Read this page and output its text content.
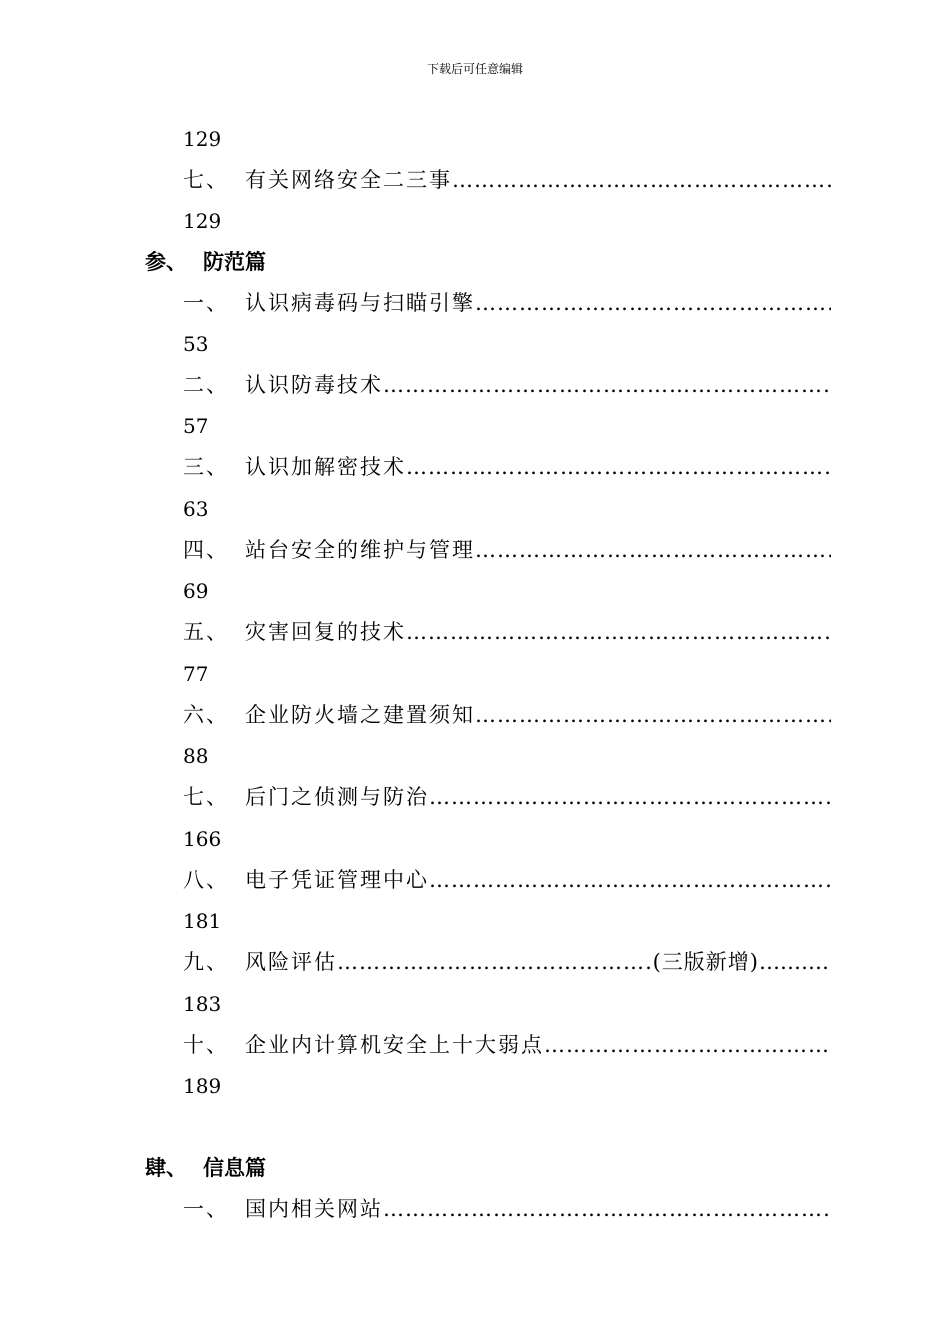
下载后可任意编辑
129
七、 有关网络安全二三事
……………………………………………………………………………………………………………………………
129
参、 防范篇
一、 认识病毒码与扫瞄引擎
……………………………………………………………………………………………………………………………
53
二、 认识防毒技术
……………………………………………………………………………………………………………………………
57
三、 认识加解密技术
……………………………………………………………………………………………………………………………
63
四、 站台安全的维护与管理
……………………………………………………………………………………………………………………………
69
五、 灾害回复的技术
……………………………………………………………………………………………………………………………
77
六、 企业防火墙之建置须知
……………………………………………………………………………………………………………………………
88
七、 后门之侦测与防治
……………………………………………………………………………………………………………………………
166
八、 电子凭证管理中心
……………………………………………………………………………………………………………………………
181
九、 风险评估
……………………………………………………………………………………………………………………………	(三版新增)
…………………………
183
十、 企业内计算机安全上十大弱点
……………………………………………………………………………………………………………………………
189
肆、 信息篇
一、 国内相关网站
……………………………………………………………………………………………………………………………
